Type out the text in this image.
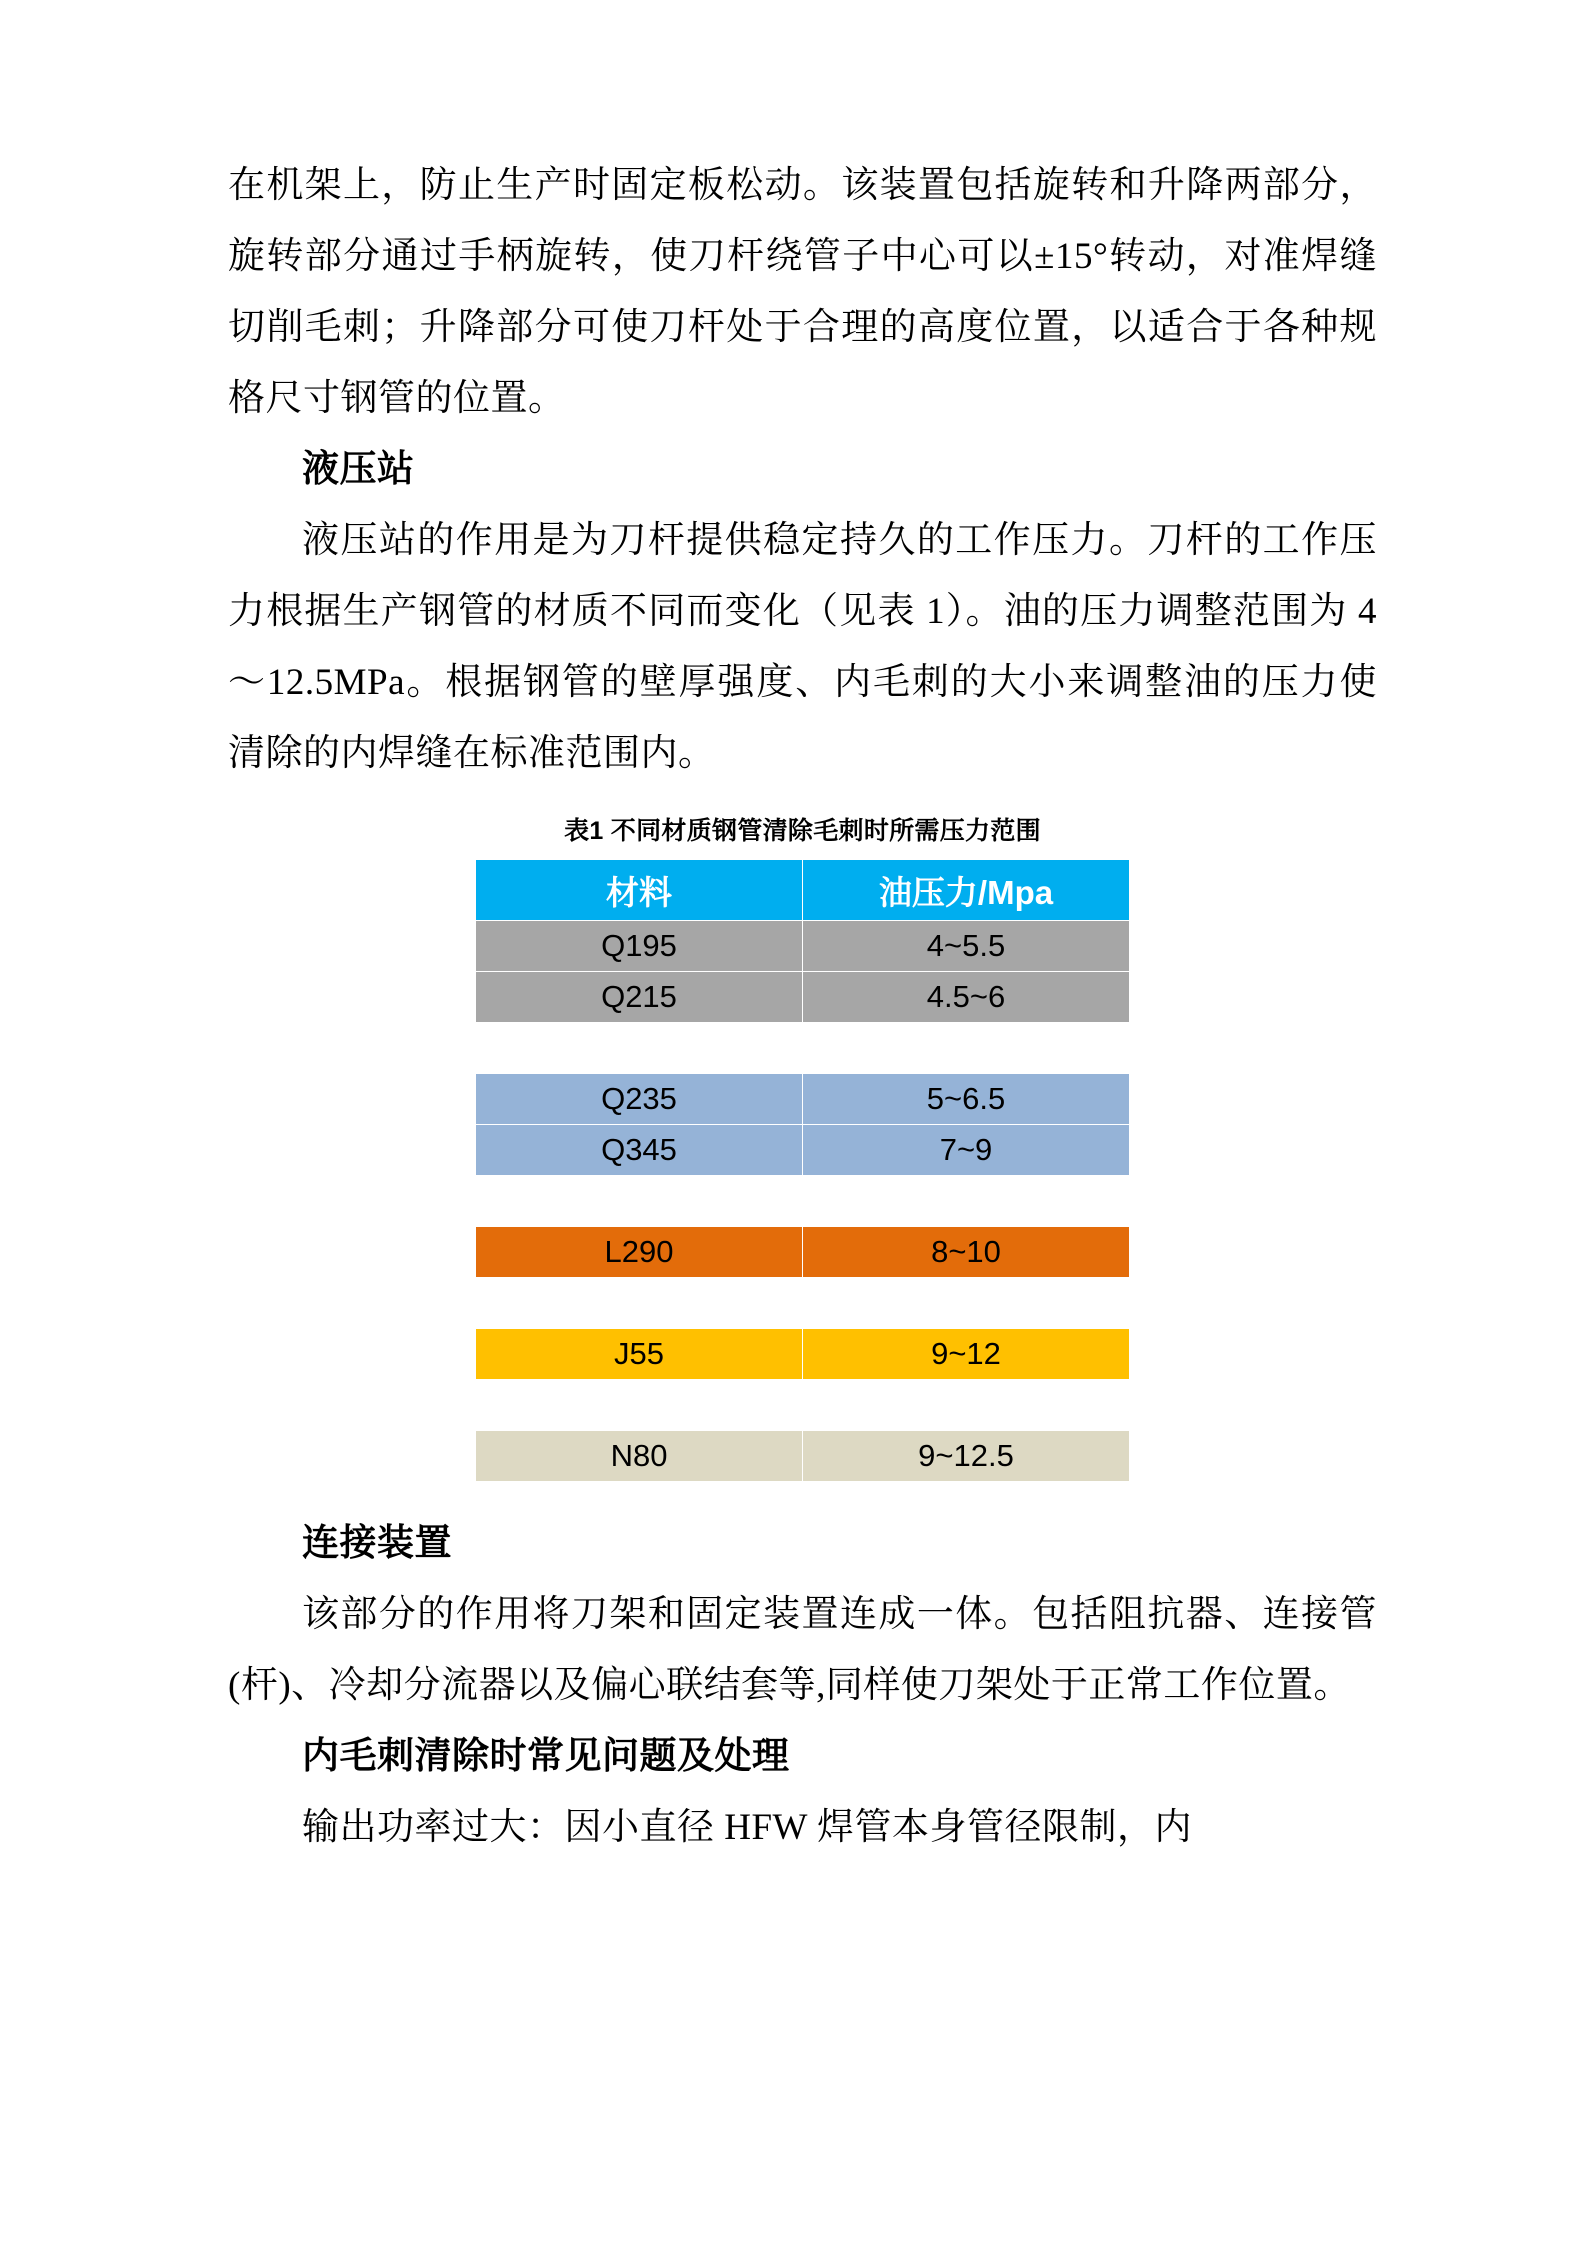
在机架上，防止生产时固定板松动。该装置包括旋转和升降两部分，旋转部分通过手柄旋转，使刀杆绕管子中心可以±15°转动，对准焊缝切削毛刺；升降部分可使刀杆处于合理的高度位置，以适合于各种规格尺寸钢管的位置。

液压站

液压站的作用是为刀杆提供稳定持久的工作压力。刀杆的工作压力根据生产钢管的材质不同而变化（见表 1）。油的压力调整范围为 4～12.5MPa。根据钢管的壁厚强度、内毛刺的大小来调整油的压力使清除的内焊缝在标准范围内。

表1 不同材质钢管清除毛刺时所需压力范围
材料	油压力/Mpa
Q195	4~5.5
Q215	4.5~6

Q235	5~6.5
Q345	7~9

L290	8~10

J55	9~12

N80	9~12.5

连接装置

该部分的作用将刀架和固定装置连成一体。包括阻抗器、连接管(杆)、冷却分流器以及偏心联结套等,同样使刀架处于正常工作位置。

内毛刺清除时常见问题及处理

输出功率过大：因小直径 HFW 焊管本身管径限制，内
